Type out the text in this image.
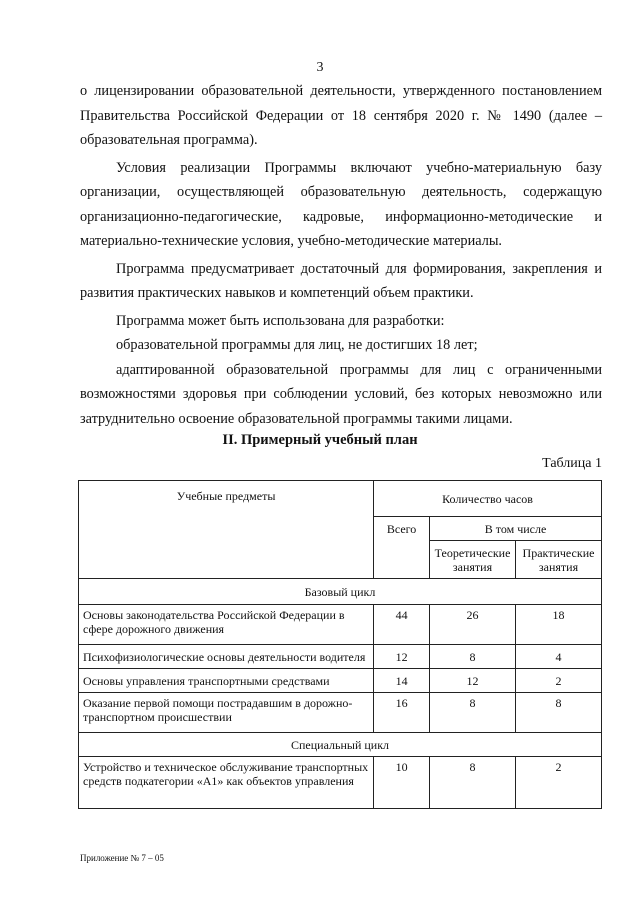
3

о лицензировании образовательной деятельности, утвержденного постановлением Правительства Российской Федерации от 18 сентября 2020 г. № 1490 (далее – образовательная программа).

Условия реализации Программы включают учебно-материальную базу организации, осуществляющей образовательную деятельность, содержащую организационно-педагогические, кадровые, информационно-методические и материально-технические условия, учебно-методические материалы.

Программа предусматривает достаточный для формирования, закрепления и развития практических навыков и компетенций объем практики.

Программа может быть использована для разработки:

образовательной программы для лиц, не достигших 18 лет;

адаптированной образовательной программы для лиц с ограниченными возможностями здоровья при соблюдении условий, без которых невозможно или затруднительно освоение образовательной программы такими лицами.

II. Примерный учебный план
Таблица 1
Учебные предметы	Количество часов		
	Всего	В том числе	
		Теоретические занятия	Практические занятия
Базовый цикл			
Основы законодательства Российской Федерации в сфере дорожного движения	44	26	18
Психофизиологические основы деятельности водителя	12	8	4
Основы управления транспортными средствами	14	12	2
Оказание первой помощи пострадавшим в дорожно-транспортном происшествии	16	8	8
Специальный цикл			
Устройство и техническое обслуживание транспортных средств подкатегории «А1» как объектов управления	10	8	2
Приложение № 7 – 05
